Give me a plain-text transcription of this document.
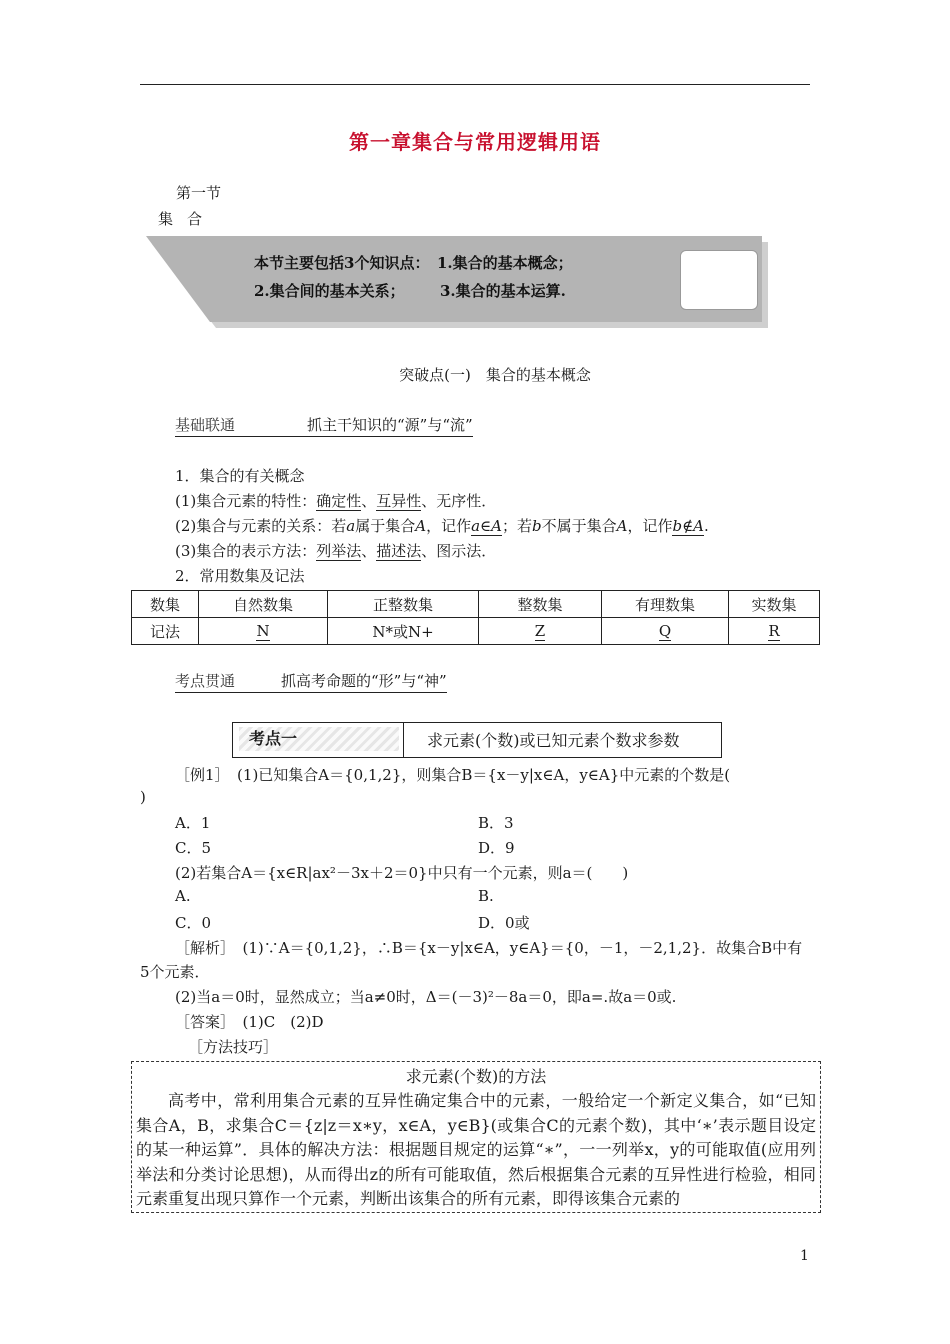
第一章集合与常用逻辑用语
第一节
集合
本节主要包括3个知识点：　1.集合的基本概念；
2.集合间的基本关系； 3.集合的基本运算.
突破点(一)　集合的基本概念
基础联通	抓主干知识的“源”与“流”
1．集合的有关概念
(1)集合元素的特性：确定性、互异性、无序性．
(2)集合与元素的关系：若a属于集合A，记作a∈A；若b不属于集合A，记作b∉A.
(3)集合的表示方法：列举法、描述法、图示法．
2．常用数集及记法
数集	自然数集	正整数集	整数集	有理数集	实数集
记法	N	N*或N+	Z	Q	R
考点贯通	抓高考命题的“形”与“神”
考点一	求元素(个数)或已知元素个数求参数
［例1］　(1)已知集合A＝{0,1,2}，则集合B＝{x－y|x∈A，y∈A}中元素的个数是(
)
A．1	B．3
C．5	D．9
(2)若集合A＝{x∈R|ax²－3x＋2＝0}中只有一个元素，则a＝(　　)
A.	B.
C．0	D．0或
［解析］　(1)∵A＝{0,1,2}，∴B＝{x－y|x∈A，y∈A}＝{0，－1，－2,1,2}．故集合B中有
5个元素．
(2)当a＝0时，显然成立；当a≠0时，Δ＝(－3)²－8a＝0，即a=.故a＝0或.
［答案］　(1)C　(2)D
［方法技巧］
求元素(个数)的方法
高考中，常利用集合元素的互异性确定集合中的元素，一般给定一个新定义集合，如“已知集合A，B，求集合C＝{z|z＝x∗y，x∈A，y∈B}(或集合C的元素个数)，其中‘∗’表示题目设定的某一种运算”．具体的解决方法：根据题目规定的运算“∗”，一一列举x，y的可能取值(应用列举法和分类讨论思想)，从而得出z的所有可能取值，然后根据集合元素的互异性进行检验，相同元素重复出现只算作一个元素，判断出该集合的所有元素，即得该集合元素的
1
